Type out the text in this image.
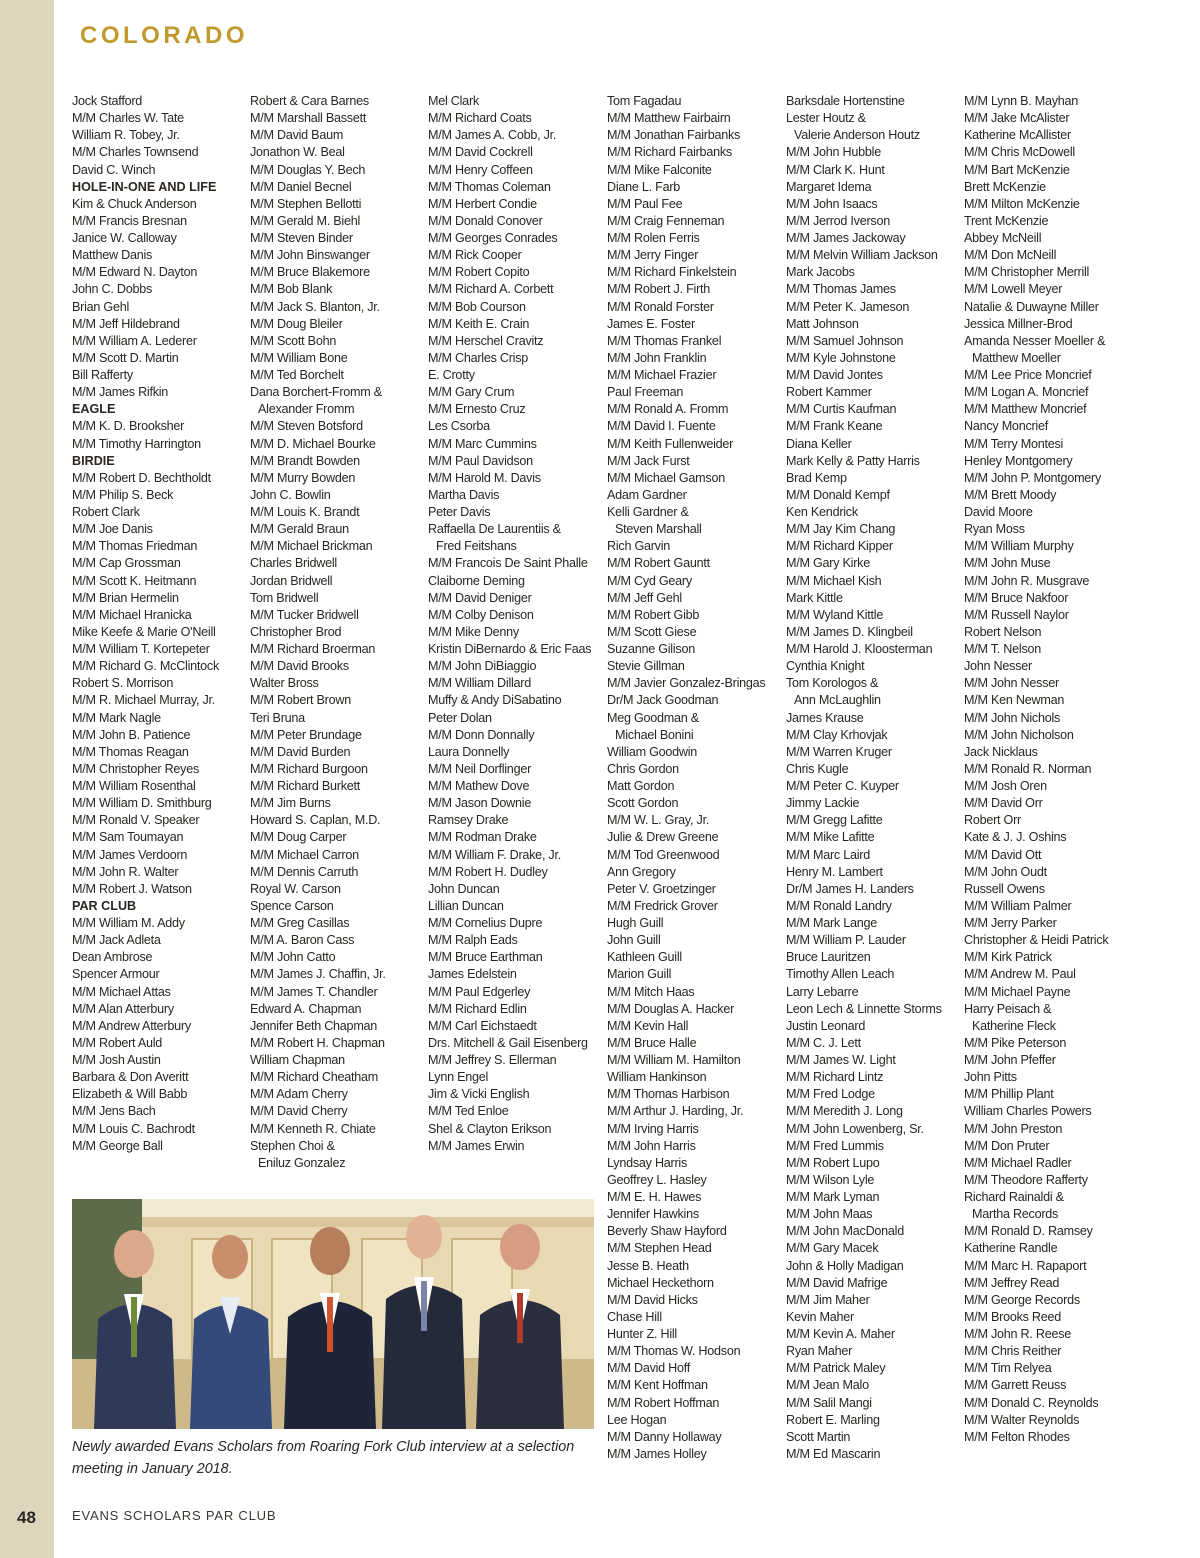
COLORADO
Jock Stafford
M/M Charles W. Tate
William R. Tobey, Jr.
M/M Charles Townsend
David C. Winch
HOLE-IN-ONE AND LIFE
Kim & Chuck Anderson
M/M Francis Bresnan
Janice W. Calloway
Matthew Danis
M/M Edward N. Dayton
John C. Dobbs
Brian Gehl
M/M Jeff Hildebrand
M/M William A. Lederer
M/M Scott D. Martin
Bill Rafferty
M/M James Rifkin
EAGLE
M/M K. D. Brooksher
M/M Timothy Harrington
BIRDIE
M/M Robert D. Bechtholdt
M/M Philip S. Beck
Robert Clark
M/M Joe Danis
M/M Thomas Friedman
M/M Cap Grossman
M/M Scott K. Heitmann
M/M Brian Hermelin
M/M Michael Hranicka
Mike Keefe & Marie O'Neill
M/M William T. Kortepeter
M/M Richard G. McClintock
Robert S. Morrison
M/M R. Michael Murray, Jr.
M/M Mark Nagle
M/M John B. Patience
M/M Thomas Reagan
M/M Christopher Reyes
M/M William Rosenthal
M/M William D. Smithburg
M/M Ronald V. Speaker
M/M Sam Toumayan
M/M James Verdoorn
M/M John R. Walter
M/M Robert J. Watson
PAR CLUB
M/M William M. Addy
M/M Jack Adleta
Dean Ambrose
Spencer Armour
M/M Michael Attas
M/M Alan Atterbury
M/M Andrew Atterbury
M/M Robert Auld
M/M Josh Austin
Barbara & Don Averitt
Elizabeth & Will Babb
M/M Jens Bach
M/M Louis C. Bachrodt
M/M George Ball
Robert & Cara Barnes
M/M Marshall Bassett
M/M David Baum
Jonathon W. Beal
M/M Douglas Y. Bech
M/M Daniel Becnel
M/M Stephen Bellotti
M/M Gerald M. Biehl
M/M Steven Binder
M/M John Binswanger
M/M Bruce Blakemore
M/M Bob Blank
M/M Jack S. Blanton, Jr.
M/M Doug Bleiler
M/M Scott Bohn
M/M William Bone
M/M Ted Borchelt
Dana Borchert-Fromm &
Alexander Fromm
M/M Steven Botsford
M/M D. Michael Bourke
M/M Brandt Bowden
M/M Murry Bowden
John C. Bowlin
M/M Louis K. Brandt
M/M Gerald Braun
M/M Michael Brickman
Charles Bridwell
Jordan Bridwell
Tom Bridwell
M/M Tucker Bridwell
Christopher Brod
M/M Richard Broerman
M/M David Brooks
Walter Bross
M/M Robert Brown
Teri Bruna
M/M Peter Brundage
M/M David Burden
M/M Richard Burgoon
M/M Richard Burkett
M/M Jim Burns
Howard S. Caplan, M.D.
M/M Doug Carper
M/M Michael Carron
M/M Dennis Carruth
Royal W. Carson
Spence Carson
M/M Greg Casillas
M/M A. Baron Cass
M/M John Catto
M/M James J. Chaffin, Jr.
M/M James T. Chandler
Edward A. Chapman
Jennifer Beth Chapman
M/M Robert H. Chapman
William Chapman
M/M Richard Cheatham
M/M Adam Cherry
M/M David Cherry
M/M Kenneth R. Chiate
Stephen Choi &
Eniluz Gonzalez
Mel Clark
M/M Richard Coats
M/M James A. Cobb, Jr.
M/M David Cockrell
M/M Henry Coffeen
M/M Thomas Coleman
M/M Herbert Condie
M/M Donald Conover
M/M Georges Conrades
M/M Rick Cooper
M/M Robert Copito
M/M Richard A. Corbett
M/M Bob Courson
M/M Keith E. Crain
M/M Herschel Cravitz
M/M Charles Crisp
E. Crotty
M/M Gary Crum
M/M Ernesto Cruz
Les Csorba
M/M Marc Cummins
M/M Paul Davidson
M/M Harold M. Davis
Martha Davis
Peter Davis
Raffaella De Laurentiis &
Fred Feitshans
M/M Francois De Saint Phalle
Claiborne Deming
M/M David Deniger
M/M Colby Denison
M/M Mike Denny
Kristin DiBernardo & Eric Faas
M/M John DiBiaggio
M/M William Dillard
Muffy & Andy DiSabatino
Peter Dolan
M/M Donn Donnally
Laura Donnelly
M/M Neil Dorflinger
M/M Mathew Dove
M/M Jason Downie
Ramsey Drake
M/M Rodman Drake
M/M William F. Drake, Jr.
M/M Robert H. Dudley
John Duncan
Lillian Duncan
M/M Cornelius Dupre
M/M Ralph Eads
M/M Bruce Earthman
James Edelstein
M/M Paul Edgerley
M/M Richard Edlin
M/M Carl Eichstaedt
Drs. Mitchell & Gail Eisenberg
M/M Jeffrey S. Ellerman
Lynn Engel
Jim & Vicki English
M/M Ted Enloe
Shel & Clayton Erikson
M/M James Erwin
Tom Fagadau
M/M Matthew Fairbairn
M/M Jonathan Fairbanks
M/M Richard Fairbanks
M/M Mike Falconite
Diane L. Farb
M/M Paul Fee
M/M Craig Fenneman
M/M Rolen Ferris
M/M Jerry Finger
M/M Richard Finkelstein
M/M Robert J. Firth
M/M Ronald Forster
James E. Foster
M/M Thomas Frankel
M/M John Franklin
M/M Michael Frazier
Paul Freeman
M/M Ronald A. Fromm
M/M David I. Fuente
M/M Keith Fullenweider
M/M Jack Furst
M/M Michael Gamson
Adam Gardner
Kelli Gardner &
Steven Marshall
Rich Garvin
M/M Robert Gauntt
M/M Cyd Geary
M/M Jeff Gehl
M/M Robert Gibb
M/M Scott Giese
Suzanne Gilison
Stevie Gillman
M/M Javier Gonzalez-Bringas
Dr/M Jack Goodman
Meg Goodman &
Michael Bonini
William Goodwin
Chris Gordon
Matt Gordon
Scott Gordon
M/M W. L. Gray, Jr.
Julie & Drew Greene
M/M Tod Greenwood
Ann Gregory
Peter V. Groetzinger
M/M Fredrick Grover
Hugh Guill
John Guill
Kathleen Guill
Marion Guill
M/M Mitch Haas
M/M Douglas A. Hacker
M/M Kevin Hall
M/M Bruce Halle
M/M William M. Hamilton
William Hankinson
M/M Thomas Harbison
M/M Arthur J. Harding, Jr.
M/M Irving Harris
M/M John Harris
Lyndsay Harris
Geoffrey L. Hasley
M/M E. H. Hawes
Jennifer Hawkins
Beverly Shaw Hayford
M/M Stephen Head
Jesse B. Heath
Michael Heckethorn
M/M David Hicks
Chase Hill
Hunter Z. Hill
M/M Thomas W. Hodson
M/M David Hoff
M/M Kent Hoffman
M/M Robert Hoffman
Lee Hogan
M/M Danny Hollaway
M/M James Holley
Barksdale Hortenstine
Lester Houtz &
Valerie Anderson Houtz
M/M John Hubble
M/M Clark K. Hunt
Margaret Idema
M/M John Isaacs
M/M Jerrod Iverson
M/M James Jackoway
M/M Melvin William Jackson
Mark Jacobs
M/M Thomas James
M/M Peter K. Jameson
Matt Johnson
M/M Samuel Johnson
M/M Kyle Johnstone
M/M David Jontes
Robert Kammer
M/M Curtis Kaufman
M/M Frank Keane
Diana Keller
Mark Kelly & Patty Harris
Brad Kemp
M/M Donald Kempf
Ken Kendrick
M/M Jay Kim Chang
M/M Richard Kipper
M/M Gary Kirke
M/M Michael Kish
Mark Kittle
M/M Wyland Kittle
M/M James D. Klingbeil
M/M Harold J. Kloosterman
Cynthia Knight
Tom Korologos &
Ann McLaughlin
James Krause
M/M Clay Krhovjak
M/M Warren Kruger
Chris Kugle
M/M Peter C. Kuyper
Jimmy Lackie
M/M Gregg Lafitte
M/M Mike Lafitte
M/M Marc Laird
Henry M. Lambert
Dr/M James H. Landers
M/M Ronald Landry
M/M Mark Lange
M/M William P. Lauder
Bruce Lauritzen
Timothy Allen Leach
Larry Lebarre
Leon Lech & Linnette Storms
Justin Leonard
M/M C. J. Lett
M/M James W. Light
M/M Richard Lintz
M/M Fred Lodge
M/M Meredith J. Long
M/M John Lowenberg, Sr.
M/M Fred Lummis
M/M Robert Lupo
M/M Wilson Lyle
M/M Mark Lyman
M/M John Maas
M/M John MacDonald
M/M Gary Macek
John & Holly Madigan
M/M David Mafrige
M/M Jim Maher
Kevin Maher
M/M Kevin A. Maher
Ryan Maher
M/M Patrick Maley
M/M Jean Malo
M/M Salil Mangi
Robert E. Marling
Scott Martin
M/M Ed Mascarin
M/M Lynn B. Mayhan
M/M Jake McAlister
Katherine McAllister
M/M Chris McDowell
M/M Bart McKenzie
Brett McKenzie
M/M Milton McKenzie
Trent McKenzie
Abbey McNeill
M/M Don McNeill
M/M Christopher Merrill
M/M Lowell Meyer
Natalie & Duwayne Miller
Jessica Millner-Brod
Amanda Nesser Moeller &
Matthew Moeller
M/M Lee Price Moncrief
M/M Logan A. Moncrief
M/M Matthew Moncrief
Nancy Moncrief
M/M Terry Montesi
Henley Montgomery
M/M John P. Montgomery
M/M Brett Moody
David Moore
Ryan Moss
M/M William Murphy
M/M John Muse
M/M John R. Musgrave
M/M Bruce Nakfoor
M/M Russell Naylor
Robert Nelson
M/M T. Nelson
John Nesser
M/M John Nesser
M/M Ken Newman
M/M John Nichols
M/M John Nicholson
Jack Nicklaus
M/M Ronald R. Norman
M/M Josh Oren
M/M David Orr
Robert Orr
Kate & J. J. Oshins
M/M David Ott
M/M John Oudt
Russell Owens
M/M William Palmer
M/M Jerry Parker
Christopher & Heidi Patrick
M/M Kirk Patrick
M/M Andrew M. Paul
M/M Michael Payne
Harry Peisach &
Katherine Fleck
M/M Pike Peterson
M/M John Pfeffer
John Pitts
M/M Phillip Plant
William Charles Powers
M/M John Preston
M/M Don Pruter
M/M Michael Radler
M/M Theodore Rafferty
Richard Rainaldi &
Martha Records
M/M Ronald D. Ramsey
Katherine Randle
M/M Marc H. Rapaport
M/M Jeffrey Read
M/M George Records
M/M Brooks Reed
M/M John R. Reese
M/M Chris Reither
M/M Tim Relyea
M/M Garrett Reuss
M/M Donald C. Reynolds
M/M Walter Reynolds
M/M Felton Rhodes

Newly awarded Evans Scholars from Roaring Fork Club interview at a selection meeting in January 2018.

48	EVANS SCHOLARS PAR CLUB
